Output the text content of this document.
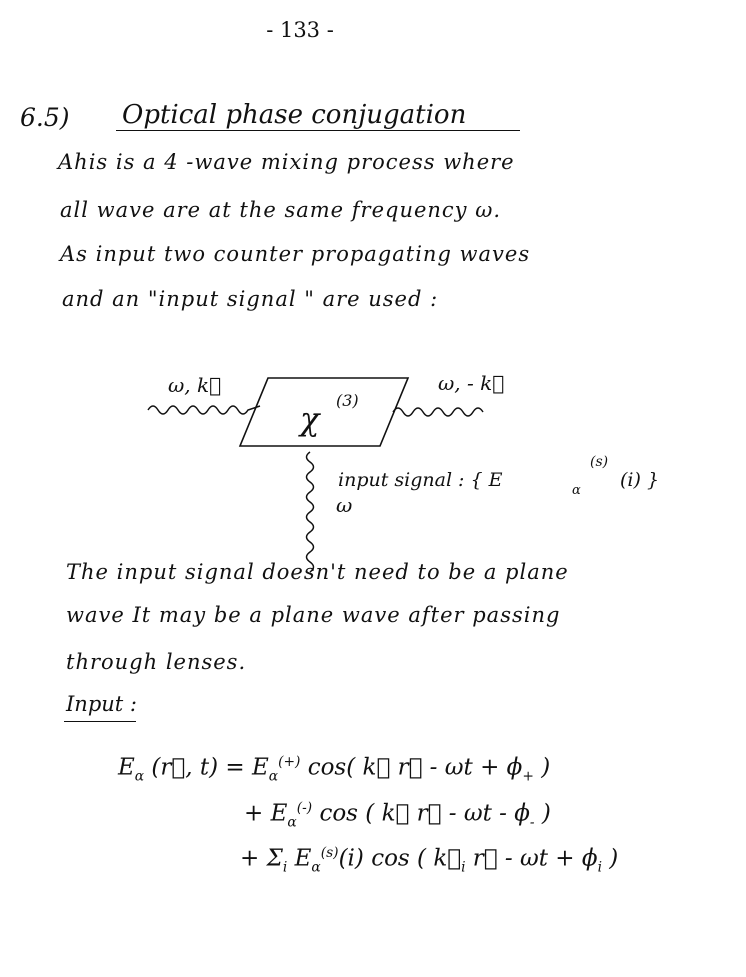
- 133 -
6.5) Optical phase conjugation
Ahis is a 4 -wave mixing process where
all wave are at the same frequency ω.
As input two counter propagating waves
and an "input signal " are used :
ω, k⃗	ω, - k⃗
χ (3)
input signal : { E	α
(s)
(i) }
ω
The input signal doesn't need to be a plane
wave It may be a plane wave after passing
through lenses.
Input :
$E_\alpha$ (r⃗, $t) = E_\alpha^{(+)}$ cos( k⃗ r⃗ - $\omega t + \phi_+$ )
+ $E_\alpha^{(-)}$ cos ( k⃗ r⃗ - ωt - $\phi_-$ )
+ $\Sigma_i$ $E_\alpha^{(s)}(i)$ cos ( $k⃗_i$ r⃗ - $\omega t + \phi_i$ )
